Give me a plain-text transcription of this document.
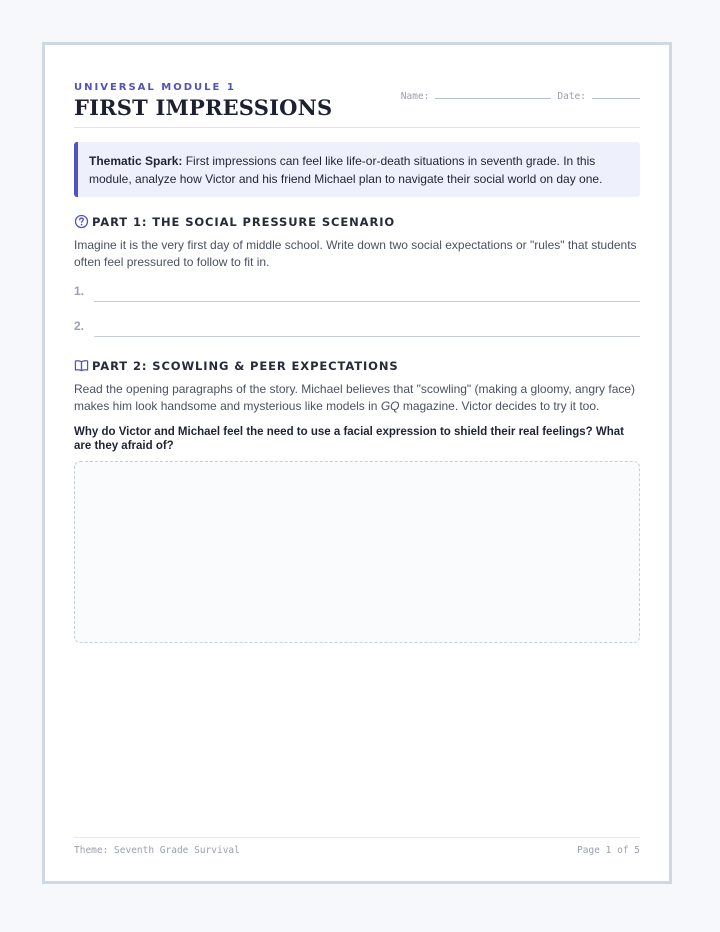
UNIVERSAL MODULE 1
FIRST IMPRESSIONS	Name:	Date:
Thematic Spark: First impressions can feel like life-or-death situations in seventh grade. In this module, analyze how Victor and his friend Michael plan to navigate their social world on day one.
PART 1: THE SOCIAL PRESSURE SCENARIO
Imagine it is the very first day of middle school. Write down two social expectations or "rules" that students often feel pressured to follow to fit in.
1.
2.
PART 2: SCOWLING & PEER EXPECTATIONS
Read the opening paragraphs of the story. Michael believes that "scowling" (making a gloomy, angry face) makes him look handsome and mysterious like models in GQ magazine. Victor decides to try it too.
Why do Victor and Michael feel the need to use a facial expression to shield their real feelings? What are they afraid of?
Theme: Seventh Grade Survival	Page 1 of 5
